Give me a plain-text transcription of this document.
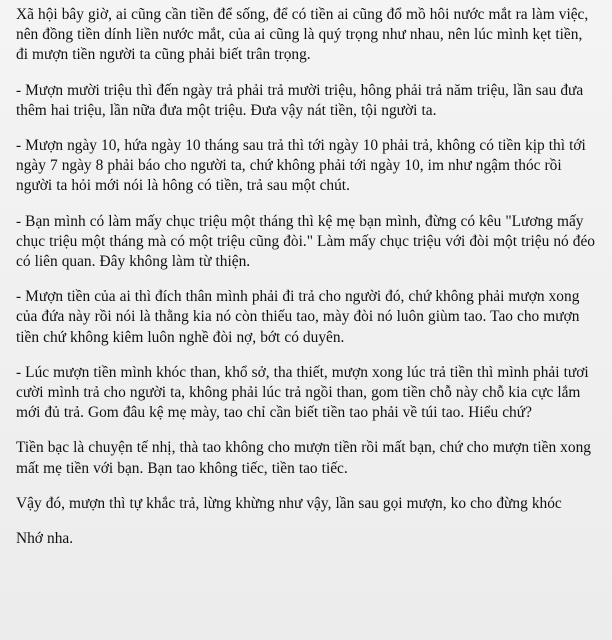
Xã hội bây giờ, ai cũng cần tiền để sống, để có tiền ai cũng đổ mồ hôi nước mắt ra làm việc, nên đồng tiền dính liền nước mắt, của ai cũng là quý trọng như nhau, nên lúc mình kẹt tiền, đi mượn tiền người ta cũng phải biết trân trọng.

- Mượn mười triệu thì đến ngày trả phải trả mười triệu, hông phải trả năm triệu, lần sau đưa thêm hai triệu, lần nữa đưa một triệu. Đưa vậy nát tiền, tội người ta.

- Mượn ngày 10, hứa ngày 10 tháng sau trả thì tới ngày 10 phải trả, không có tiền kịp thì tới ngày 7 ngày 8 phải báo cho người ta, chứ không phải tới ngày 10, im như ngậm thóc rồi người ta hỏi mới nói là hông có tiền, trả sau một chút.

- Bạn mình có làm mấy chục triệu một tháng thì kệ mẹ bạn mình, đừng có kêu "Lương mấy chục triệu một tháng mà có một triệu cũng đòi." Làm mấy chục triệu với đòi một triệu nó đéo có liên quan. Đây không làm từ thiện.

- Mượn tiền của ai thì đích thân mình phải đi trả cho người đó, chứ không phải mượn xong của đứa này rồi nói là thằng kia nó còn thiếu tao, mày đòi nó luôn giùm tao. Tao cho mượn tiền chứ không kiêm luôn nghề đòi nợ, bớt có duyên.

- Lúc mượn tiền mình khóc than, khổ sở, tha thiết, mượn xong lúc trả tiền thì mình phải tươi cười mình trả cho người ta, không phải lúc trả ngồi than, gom tiền chỗ này chỗ kia cực lắm mới đủ trả. Gom đâu kệ mẹ mày, tao chỉ cần biết tiền tao phải về túi tao. Hiểu chứ?

Tiền bạc là chuyện tế nhị, thà tao không cho mượn tiền rồi mất bạn, chứ cho mượn tiền xong mất mẹ tiền với bạn. Bạn tao không tiếc, tiền tao tiếc.

Vậy đó, mượn thì tự khắc trả, lừng khừng như vậy, lần sau gọi mượn, ko cho đừng khóc

Nhớ nha.
